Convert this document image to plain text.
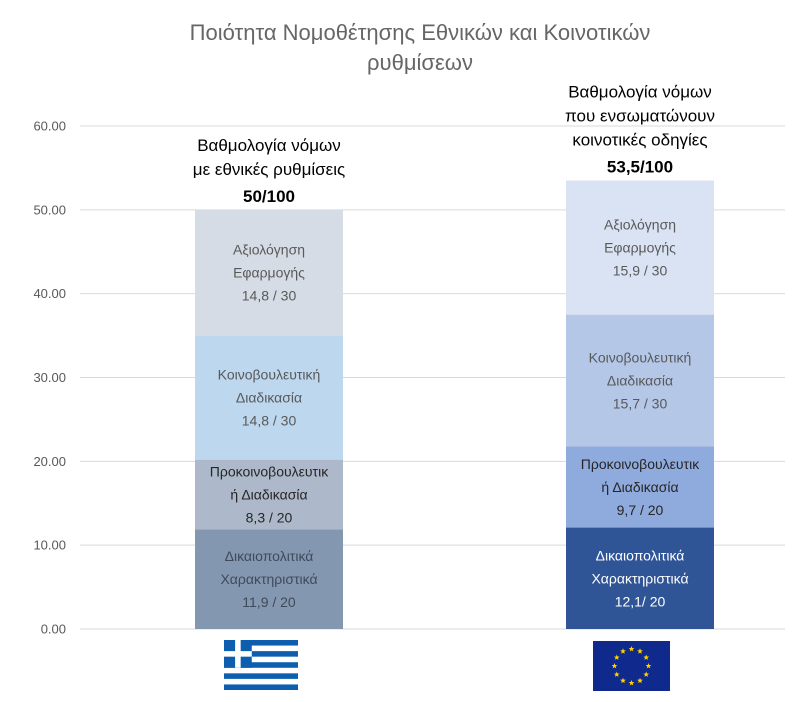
Ποιότητα Νομοθέτησης Εθνικών και Κοινοτικών
ρυθμίσεων
0.00
10.00
20.00
30.00
40.00
50.00
60.00
Δικαιοπολιτικά
Χαρακτηριστικά
11,9 / 20
Προκοινοβουλευτικ
ή Διαδικασία
8,3 / 20
Κοινοβουλευτική
Διαδικασία
14,8 / 30
Αξιολόγηση
Εφαρμογής
14,8 / 30
50/100
Βαθμολογία νόμων
με εθνικές ρυθμίσεις
Δικαιοπολιτικά
Χαρακτηριστικά
12,1/ 20
Προκοινοβουλευτικ
ή Διαδικασία
9,7 / 20
Κοινοβουλευτική
Διαδικασία
15,7 / 30
Αξιολόγηση
Εφαρμογής
15,9 / 30
53,5/100
Βαθμολογία νόμων
που ενσωματώνουν
κοινοτικές οδηγίες
